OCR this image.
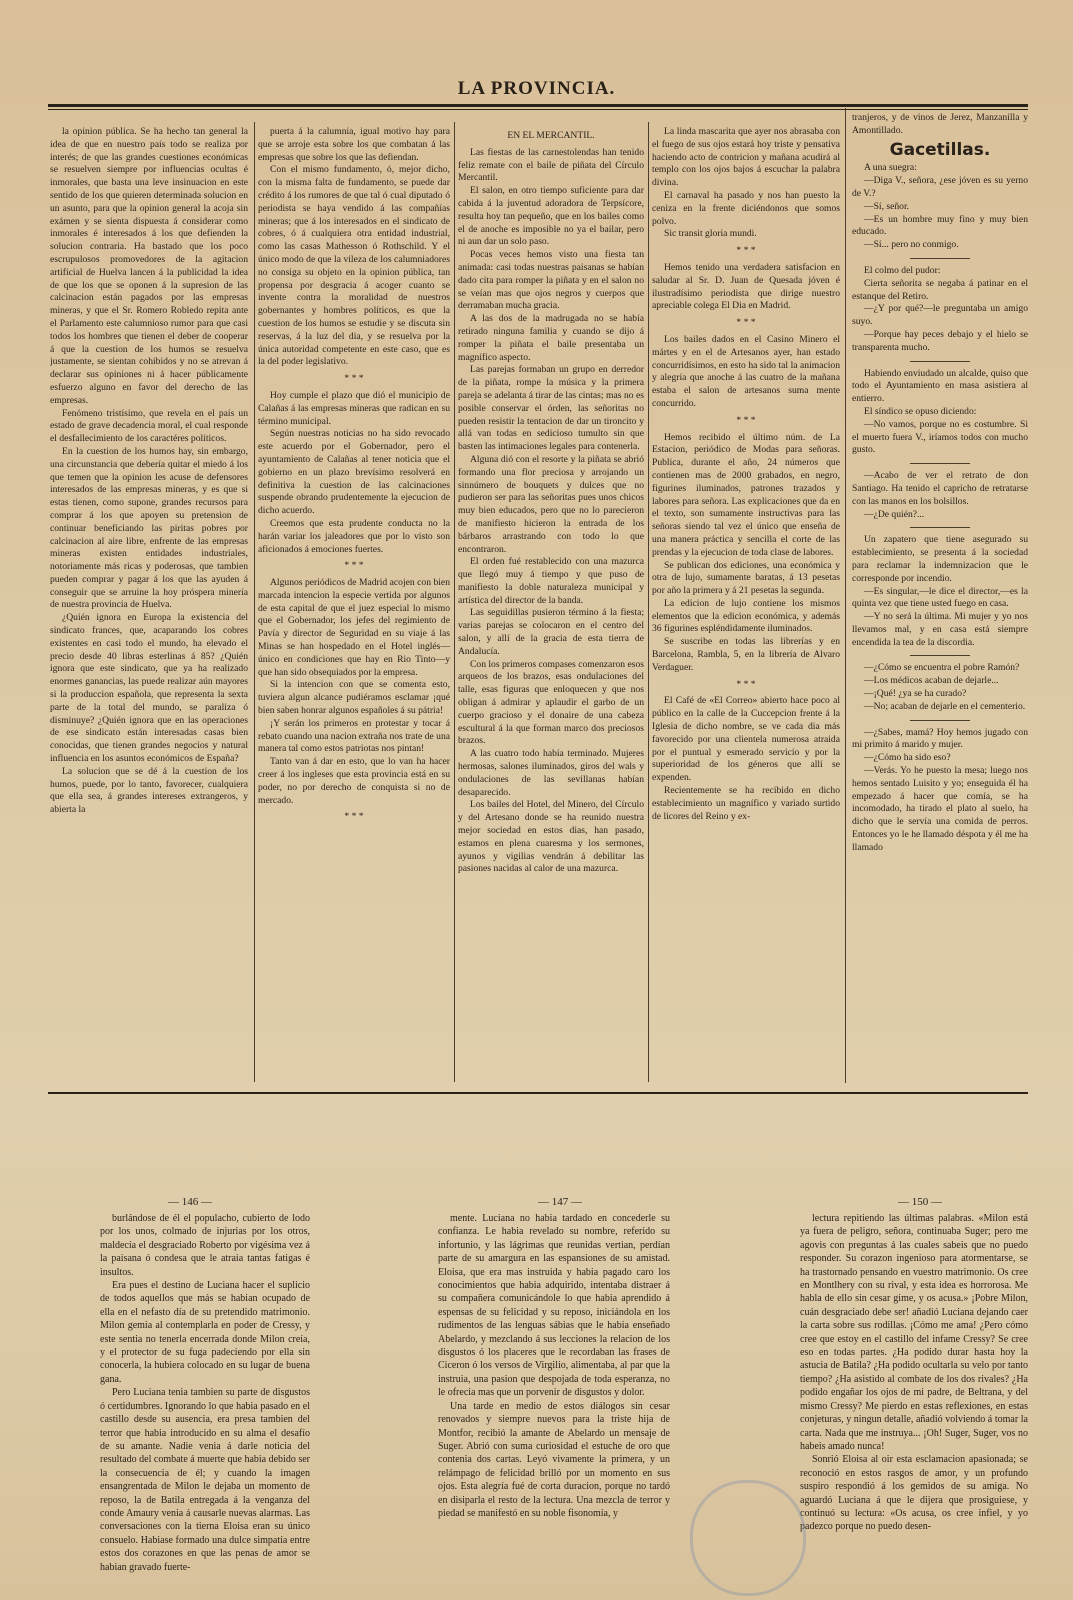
LA PROVINCIA.

la opinion pública. Se ha hecho tan general la idea de que en nuestro país todo se realiza por interés; de que las grandes cuestiones económicas se resuelven siempre por influencias ocultas é inmorales, que basta una leve insinuacion en este sentido de los que quieren determinada solucion en un asunto, para que la opinion general la acoja sin exámen y se sienta dispuesta á considerar como inmorales é interesados á los que defienden la solucion contraria. Ha bastado que los poco escrupulosos promovedores de la agitacion artificial de Huelva lancen á la publicidad la idea de que los que se oponen á la supresion de las calcinacion están pagados por las empresas mineras, y que el Sr. Romero Robledo repita ante el Parlamento este calumnioso rumor para que casi todos los hombres que tienen el deber de cooperar á que la cuestion de los humos se resuelva justamente, se sientan cohibidos y no se atrevan á declarar sus opiniones ni á hacer públicamente esfuerzo alguno en favor del derecho de las empresas.

Fenómeno tristísimo, que revela en el país un estado de grave decadencia moral, el cual responde el desfallecimiento de los caractéres políticos.

En la cuestion de los humos hay, sin embargo, una circunstancia que debería quitar el miedo á los que temen que la opinion les acuse de defensores interesados de las empresas mineras, y es que si estas tienen, como supone, grandes recursos para comprar á los que apoyen su pretension de continuar beneficiando las piritas pobres por calcinacion al aire libre, enfrente de las empresas mineras existen entidades industriales, notoriamente más ricas y poderosas, que tambien pueden comprar y pagar á los que las ayuden á conseguir que se arruine la hoy próspera minería de nuestra provincia de Huelva.

¿Quién ignora en Europa la existencia del sindicato frances, que, acaparando los cobres existentes en casi todo el mundo, ha elevado el precio desde 40 libras esterlinas á 85? ¿Quién ignora que este sindicato, que ya ha realizado enormes ganancias, las puede realizar aún mayores si la produccion española, que representa la sexta parte de la total del mundo, se paraliza ó disminuye? ¿Quién ignora que en las operaciones de ese sindicato están interesadas casas bien conocidas, que tienen grandes negocios y natural influencia en los asuntos económicos de España?

La solucion que se dé á la cuestion de los humos, puede, por lo tanto, favorecer, cualquiera que ella sea, á grandes intereses extrangeros, y abierta la

puerta á la calumnia, igual motivo hay para que se arroje esta sobre los que combatan á las empresas que sobre los que las defiendan.

Con el mismo fundamento, ó, mejor dicho, con la misma falta de fundamento, se puede dar crédito á los rumores de que tal ó cual diputado ó periodista se haya vendido á las compañías mineras; que á los interesados en el sindicato de cobres, ó á cualquiera otra entidad industrial, como las casas Mathesson ó Rothschild. Y el único modo de que la vileza de los calumniadores no consiga su objeto en la opinion pública, tan propensa por desgracia á acoger cuanto se invente contra la moralidad de nuestros gobernantes y hombres políticos, es que la cuestion de los humos se estudie y se discuta sin reservas, á la luz del dia, y se resuelva por la única autoridad competente en este caso, que es la del poder legislativo.

* * *

Hoy cumple el plazo que dió el municipio de Calañas á las empresas mineras que radican en su término municipal.

Según nuestras noticias no ha sido revocado este acuerdo por el Gobernador, pero el ayuntamiento de Calañas al tener noticia que el gobierno en un plazo brevísimo resolverá en definitiva la cuestion de las calcinaciones suspende obrando prudentemente la ejecucion de dicho acuerdo.

Creemos que esta prudente conducta no la harán variar los jaleadores que por lo visto son aficionados á emociones fuertes.

* * *

Algunos periódicos de Madrid acojen con bien marcada intencion la especie vertida por algunos de esta capital de que el juez especial lo mismo que el Gobernador, los jefes del regimiento de Pavía y director de Seguridad en su viaje á las Minas se han hospedado en el Hotel inglés—único en condiciones que hay en Rio Tinto—y que han sido obsequiados por la empresa.

Si la intencion con que se comenta esto, tuviera algun alcance pudiéramos esclamar ¡qué bien saben honrar algunos españoles á su pátria!

¡Y serán los primeros en protestar y tocar á rebato cuando una nacion extraña nos trate de una manera tal como estos patriotas nos pintan!

Tanto van á dar en esto, que lo van ha hacer creer á los ingleses que esta provincia está en su poder, no por derecho de conquista si no de mercado.

* * *

EN EL MERCANTIL.

Las fiestas de las carnestolendas han tenido feliz remate con el baile de piñata del Círculo Mercantil.

El salon, en otro tiempo suficiente para dar cabida á la juventud adoradora de Terpsícore, resulta hoy tan pequeño, que en los bailes como el de anoche es imposible no ya el bailar, pero ni aun dar un solo paso.

Pocas veces hemos visto una fiesta tan animada: casi todas nuestras paisanas se habían dado cita para romper la piñata y en el salon no se veían mas que ojos negros y cuerpos que derramaban mucha gracia.

A las dos de la madrugada no se había retirado ninguna familia y cuando se dijo á romper la piñata el baile presentaba un magnífico aspecto.

Las parejas formaban un grupo en derredor de la piñata, rompe la música y la primera pareja se adelanta á tirar de las cintas; mas no es posible conservar el órden, las señoritas no pueden resistir la tentacion de dar un tironcito y allá van todas en sedicioso tumulto sin que basten las intimaciones legales para contenerla.

Alguna dió con el resorte y la piñata se abrió formando una flor preciosa y arrojando un sinnúmero de bouquets y dulces que no pudieron ser para las señoritas pues unos chicos muy bien educados, pero que no lo parecieron de manifiesto hicieron la entrada de los bárbaros arrastrando con todo lo que encontraron.

El orden fué restablecido con una mazurca que llegó muy á tiempo y que puso de manifiesto la doble naturaleza municipal y artística del director de la banda.

Las seguidillas pusieron término á la fiesta; varias parejas se colocaron en el centro del salon, y allí de la gracia de esta tierra de Andalucía.

Con los primeros compases comenzaron esos arqueos de los brazos, esas ondulaciones del talle, esas figuras que enloquecen y que nos obligan á admirar y aplaudir el garbo de un cuerpo gracioso y el donaire de una cabeza escultural á la que forman marco dos preciosos brazos.

A las cuatro todo había terminado. Mujeres hermosas, salones iluminados, giros del wals y ondulaciones de las sevillanas habían desaparecido.

Los bailes del Hotel, del Minero, del Círculo y del Artesano donde se ha reunido nuestra mejor sociedad en estos dias, han pasado, estamos en plena cuaresma y los sermones, ayunos y vigilias vendrán á debilitar las pasiones nacidas al calor de una mazurca.

La linda mascarita que ayer nos abrasaba con el fuego de sus ojos estará hoy triste y pensativa haciendo acto de contricion y mañana acudirá al templo con los ojos bajos á escuchar la palabra divina.

El carnaval ha pasado y nos han puesto la ceniza en la frente diciéndonos que somos polvo.

Sic transit gloria mundi.

* * *

Hemos tenido una verdadera satisfacion en saludar al Sr. D. Juan de Quesada jóven é ilustradísimo periodista que dirige nuestro apreciable colega El Dia en Madrid.

* * *

Los bailes dados en el Casino Minero el mártes y en el de Artesanos ayer, han estado concurridísimos, en esto ha sido tal la animacion y alegría que anoche á las cuatro de la mañana estaba el salon de artesanos suma mente concurrido.

* * *

Hemos recibido el último núm. de La Estacion, periódico de Modas para señoras. Publica, durante el año, 24 números que contienen mas de 2000 grabados, en negro, figurines iluminados, patrones trazados y labores para señora. Las explicaciones que da en el texto, son sumamente instructivas para las señoras siendo tal vez el único que enseña de una manera práctica y sencilla el corte de las prendas y la ejecucion de toda clase de labores.

Se publican dos ediciones, una económica y otra de lujo, sumamente baratas, á 13 pesetas por año la primera y á 21 pesetas la segunda.

La edicion de lujo contiene los mismos elementos que la edicion económica, y además 36 figurines espléndidamente iluminados.

Se suscribe en todas las librerías y en Barcelona, Rambla, 5, en la librería de Alvaro Verdaguer.

* * *

El Café de «El Correo» abierto hace poco al público en la calle de la Cuccepcion frente á la Iglesia de dicho nombre, se ve cada dia más favorecido por una clientela numerosa atraida por el puntual y esmerado servicio y por la superioridad de los géneros que allí se expenden.

Recientemente se ha recibido en dicho establecimiento un magnífico y variado surtido de licores del Reino y ex-

tranjeros, y de vinos de Jerez, Manzanilla y Amontillado.

Gacetillas.

A una suegra:

—Diga V., señora, ¿ese jóven es su yerno de V.?

—Sí, señor.

—Es un hombre muy fino y muy bien educado.

—Sí... pero no conmigo.

El colmo del pudor:

Cierta señorita se negaba á patinar en el estanque del Retiro.

—¿Y por qué?—le preguntaba un amigo suyo.

—Porque hay peces debajo y el hielo se transparenta mucho.

Habiendo enviudado un alcalde, quiso que todo el Ayuntamiento en masa asistiera al entierro.

El síndico se opuso diciendo:

—No vamos, porque no es costumbre. Si el muerto fuera V., iríamos todos con mucho gusto.

—Acabo de ver el retrato de don Santiago. Ha tenido el capricho de retratarse con las manos en los bolsillos.

—¿De quién?...

Un zapatero que tiene asegurado su establecimiento, se presenta á la sociedad para reclamar la indemnizacion que le corresponde por incendio.

—Es singular,—le dice el director,—es la quinta vez que tiene usted fuego en casa.

—Y no será la última. Mi mujer y yo nos llevamos mal, y en casa está siempre encendida la tea de la discordia.

—¿Cómo se encuentra el pobre Ramón?

—Los médicos acaban de dejarle...

—¡Qué! ¿ya se ha curado?

—No; acaban de dejarle en el cementerio.

—¿Sabes, mamá? Hoy hemos jugado con mi primito á marido y mujer.

—¿Cómo ha sido eso?

—Verás. Yo he puesto la mesa; luego nos hemos sentado Luisito y yo; enseguida él ha empezado á hacer que comía, se ha incomodado, ha tirado el plato al suelo, ha dicho que le servía una comida de perros. Entonces yo le he llamado déspota y él me ha llamado

— 146 —	— 147 —	— 150 —

burlándose de él el populacho, cubierto de lodo por los unos, colmado de injurias por los otros, maldecía el desgraciado Roberto por vigésima vez á la paisana ó condesa que le atraia tantas fatigas é insultos.

Era pues el destino de Luciana hacer el suplicio de todos aquellos que más se habian ocupado de ella en el nefasto día de su pretendido matrimonio. Milon gemia al contemplarla en poder de Cressy, y este sentia no tenerla encerrada donde Milon creía, y el protector de su fuga padeciendo por ella sin conocerla, la hubiera colocado en su lugar de buena gana.

Pero Luciana tenia tambien su parte de disgustos ó certidumbres. Ignorando lo que habia pasado en el castillo desde su ausencia, era presa tambien del terror que habia introducido en su alma el desafío de su amante. Nadie venia á darle noticia del resultado del combate á muerte que habia debido ser la consecuencia de él; y cuando la imagen ensangrentada de Milon le dejaba un momento de reposo, la de Batila entregada á la venganza del conde Amaury venia á causarle nuevas alarmas. Las conversaciones con la tierna Eloisa eran su único consuelo. Habiase formado una dulce simpatía entre estos dos corazones en que las penas de amor se habian gravado fuerte-

mente. Luciana no habia tardado en concederle su confianza. Le habia revelado su nombre, referido su infortunio, y las lágrimas que reunidas vertian, perdían parte de su amargura en las espansiones de su amistad. Eloisa, que era mas instruida y habia pagado caro los conocimientos que habia adquirido, intentaba distraer á su compañera comunicándole lo que habia aprendido á espensas de su felicidad y su reposo, iniciándola en los rudimentos de las lenguas sábias que le habia enseñado Abelardo, y mezclando á sus lecciones la relacion de los disgustos ó los placeres que le recordaban las frases de Ciceron ó los versos de Virgilio, alimentaba, al par que la instruia, una pasion que despojada de toda esperanza, no le ofrecia mas que un porvenir de disgustos y dolor.

Una tarde en medio de estos diálogos sin cesar renovados y siempre nuevos para la triste hija de Montfor, recibió la amante de Abelardo un mensaje de Suger. Abrió con suma curiosidad el estuche de oro que contenia dos cartas. Leyó vivamente la primera, y un relámpago de felicidad brilló por un momento en sus ojos. Esta alegría fué de corta duracion, porque no tardó en disiparla el resto de la lectura. Una mezcla de terror y piedad se manifestó en su noble fisonomía, y

lectura repitiendo las últimas palabras. «Milon está ya fuera de peligro, señora, continuaba Suger; pero me agovis con preguntas á las cuales sabeis que no puedo responder. Su corazon ingenioso para atormentarse, se ha trastornado pensando en vuestro matrimonio. Os cree en Montlhery con su rival, y esta idea es horrorosa. Me habla de ello sin cesar gime, y os acusa.» ¡Pobre Milon, cuán desgraciado debe ser! añadió Luciana dejando caer la carta sobre sus rodillas. ¡Cómo me ama! ¿Pero cómo cree que estoy en el castillo del infame Cressy? Se cree eso en todas partes. ¿Ha podido durar hasta hoy la astucia de Batila? ¿Ha podido ocultarla su velo por tanto tiempo? ¿Ha asistido al combate de los dos rivales? ¿Ha podido engañar los ojos de mi padre, de Beltrana, y del mismo Cressy? Me pierdo en estas reflexiones, en estas conjeturas, y ningun detalle, añadió volviendo á tomar la carta. Nada que me instruya... ¡Oh! Suger, Suger, vos no habeis amado nunca!

Sonrió Eloisa al oir esta esclamacion apasionada; se reconoció en estos rasgos de amor, y un profundo suspiro respondió á los gemidos de su amiga. No aguardó Luciana á que le dijera que prosiguiese, y continuó su lectura: «Os acusa, os cree infiel, y yo padezco porque no puedo desen-
